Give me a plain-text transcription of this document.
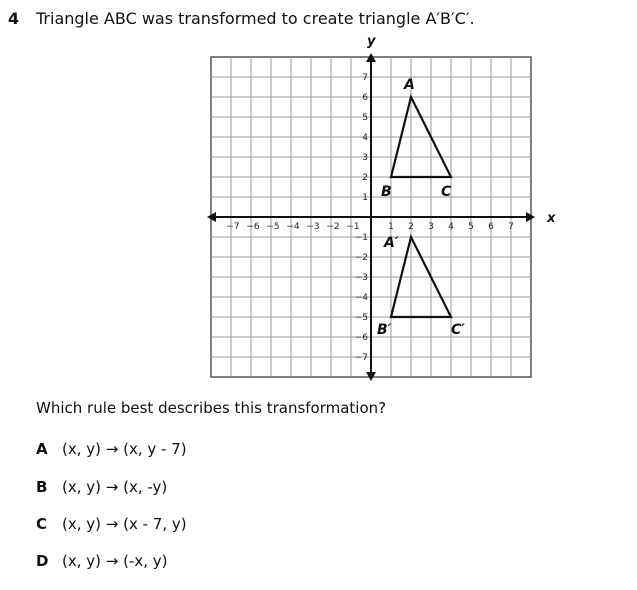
4 Triangle ABC was transformed to create triangle A′B′C′.
x
y
−7 −6 −5 −4 −3 −2 −1	1 2 3 4 5 6 7
7
6
5
4
3
2
1
−1
−2
−3
−4
−5
−6
−7
A
B	C
A′
B′	C′
Which rule best describes this transformation?
A (x, y) → (x, y - 7)
B (x, y) → (x, -y)
C (x, y) → (x - 7, y)
D (x, y) → (-x, y)
